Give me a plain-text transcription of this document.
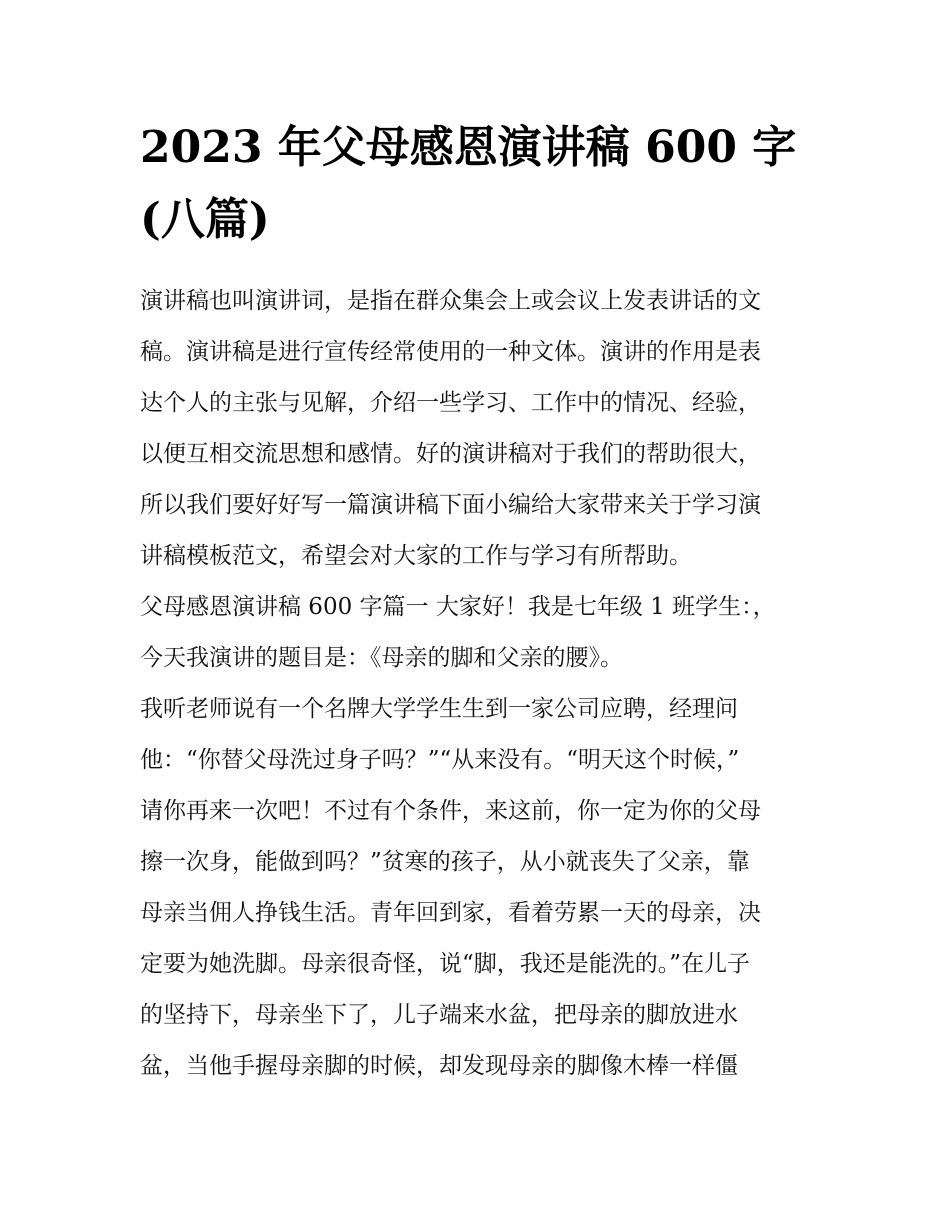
2023 年父母感恩演讲稿 600 字
(八篇)
演讲稿也叫演讲词，是指在群众集会上或会议上发表讲话的文
稿。演讲稿是进行宣传经常使用的一种文体。演讲的作用是表
达个人的主张与见解，介绍一些学习、工作中的情况、经验，
以便互相交流思想和感情。好的演讲稿对于我们的帮助很大，
所以我们要好好写一篇演讲稿下面小编给大家带来关于学习演
讲稿模板范文，希望会对大家的工作与学习有所帮助。
父母感恩演讲稿 600 字篇一 大家好！我是七年级 1 班学生：，
今天我演讲的题目是：《母亲的脚和父亲的腰》。
我听老师说有一个名牌大学学生生到一家公司应聘，经理问
他：“你替父母洗过身子吗？”“从来没有。“明天这个时候，”
请你再来一次吧！不过有个条件，来这前，你一定为你的父母
擦一次身，能做到吗？”贫寒的孩子，从小就丧失了父亲，靠
母亲当佣人挣钱生活。青年回到家，看着劳累一天的母亲，决
定要为她洗脚。母亲很奇怪，说“脚，我还是能洗的。”在儿子
的坚持下，母亲坐下了，儿子端来水盆，把母亲的脚放进水
盆，当他手握母亲脚的时候，却发现母亲的脚像木棒一样僵
